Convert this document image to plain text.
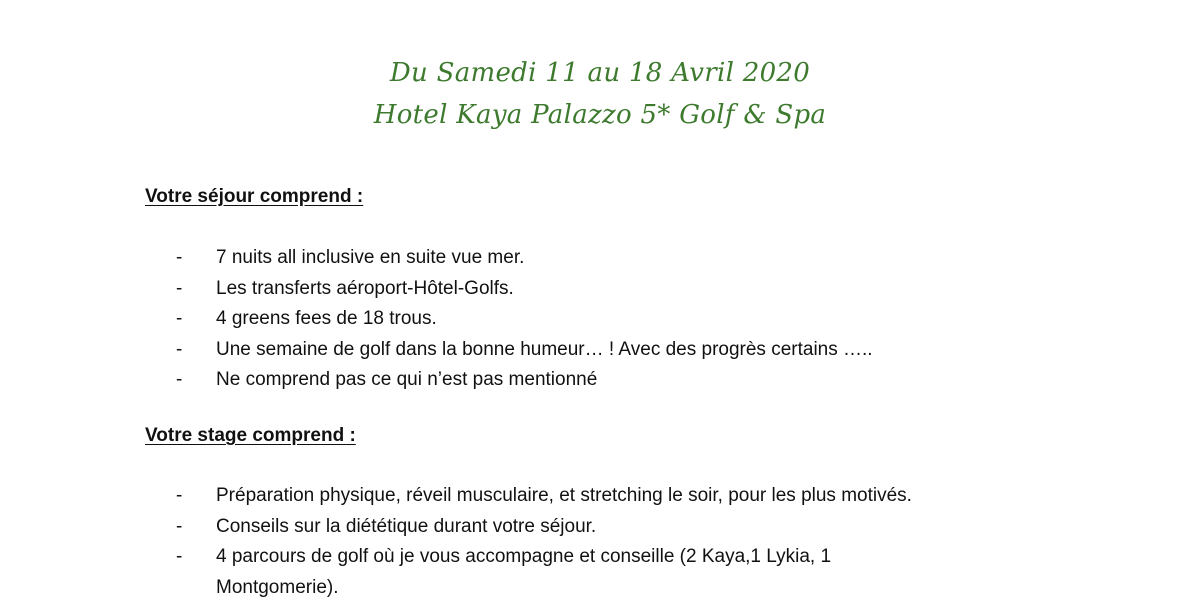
Du Samedi 11 au 18 Avril 2020
Hotel Kaya Palazzo 5* Golf & Spa
Votre séjour comprend :
-	7 nuits all inclusive en suite vue mer.
-	Les transferts aéroport-Hôtel-Golfs.
-	4 greens fees de 18 trous.
-	Une semaine de golf dans la bonne humeur… ! Avec des progrès certains …..
-	Ne comprend pas ce qui n’est pas mentionné
Votre stage comprend :
-	Préparation physique, réveil musculaire, et stretching le soir, pour les plus motivés.
-	Conseils sur la diététique durant votre séjour.
-	4 parcours de golf où je vous accompagne et conseille (2 Kaya,1 Lykia, 1 Montgomerie).
